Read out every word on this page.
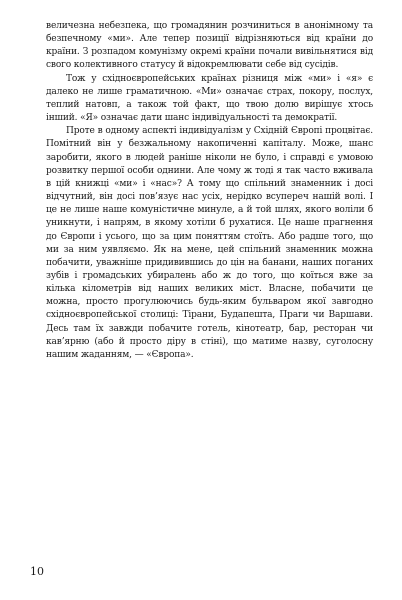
величезна небезпека, що громадянин розчиниться в анонімному та безпечному «ми». Але тепер позиції відрізняються від країни до країни. З розпадом комунізму окремі країни почали вивільнятися від свого колективного статусу й відокремлювати себе від сусідів.

Тож у східноєвропейських країнах різниця між «ми» і «я» є далеко не лише граматичною. «Ми» означає страх, покору, послух, теплий натовп, а також той факт, що твою долю вирішує хтось інший. «Я» означає дати шанс індивідуальності та демократії.

Проте в одному аспекті індивідуалізм у Східній Європі процвітає. Помітний він у безжальному накопиченні капіталу. Може, шанс заробити, якого в людей раніше ніколи не було, і справді є умовою розвитку першої особи однини. Але чому ж тоді я так часто вживала в цій книжці «ми» і «нас»? А тому що спільний знаменник і досі відчутний, він досі пов’язує нас усіх, нерідко всупереч нашій волі. І це не лише наше комуністичне минуле, а й той шлях, якого воліли б уникнути, і напрям, в якому хотіли б рухатися. Це наше прагнення дo Європи і усього, що за цим поняттям стоїть. Або радше того, що ми за ним уявляємо. Як на мене, цей спільний знаменник можна побачити, уважніше придивившись до цін на банани, наших поганих зубів і громадських убиралень або ж до того, що коїться вже за кілька кілометрів від наших великих міст. Власне, побачити це можна, просто прогулюючись будь-яким бульваром якої завгодно східноєвропейської столиці: Тірани, Будапешта, Праги чи Варшави. Десь там їх завжди побачите готель, кінотеатр, бар, ресторан чи кав’ярню (або й просто діру в стіні), що матиме назву, суголосну нашим жаданням, — «Європа».

10
